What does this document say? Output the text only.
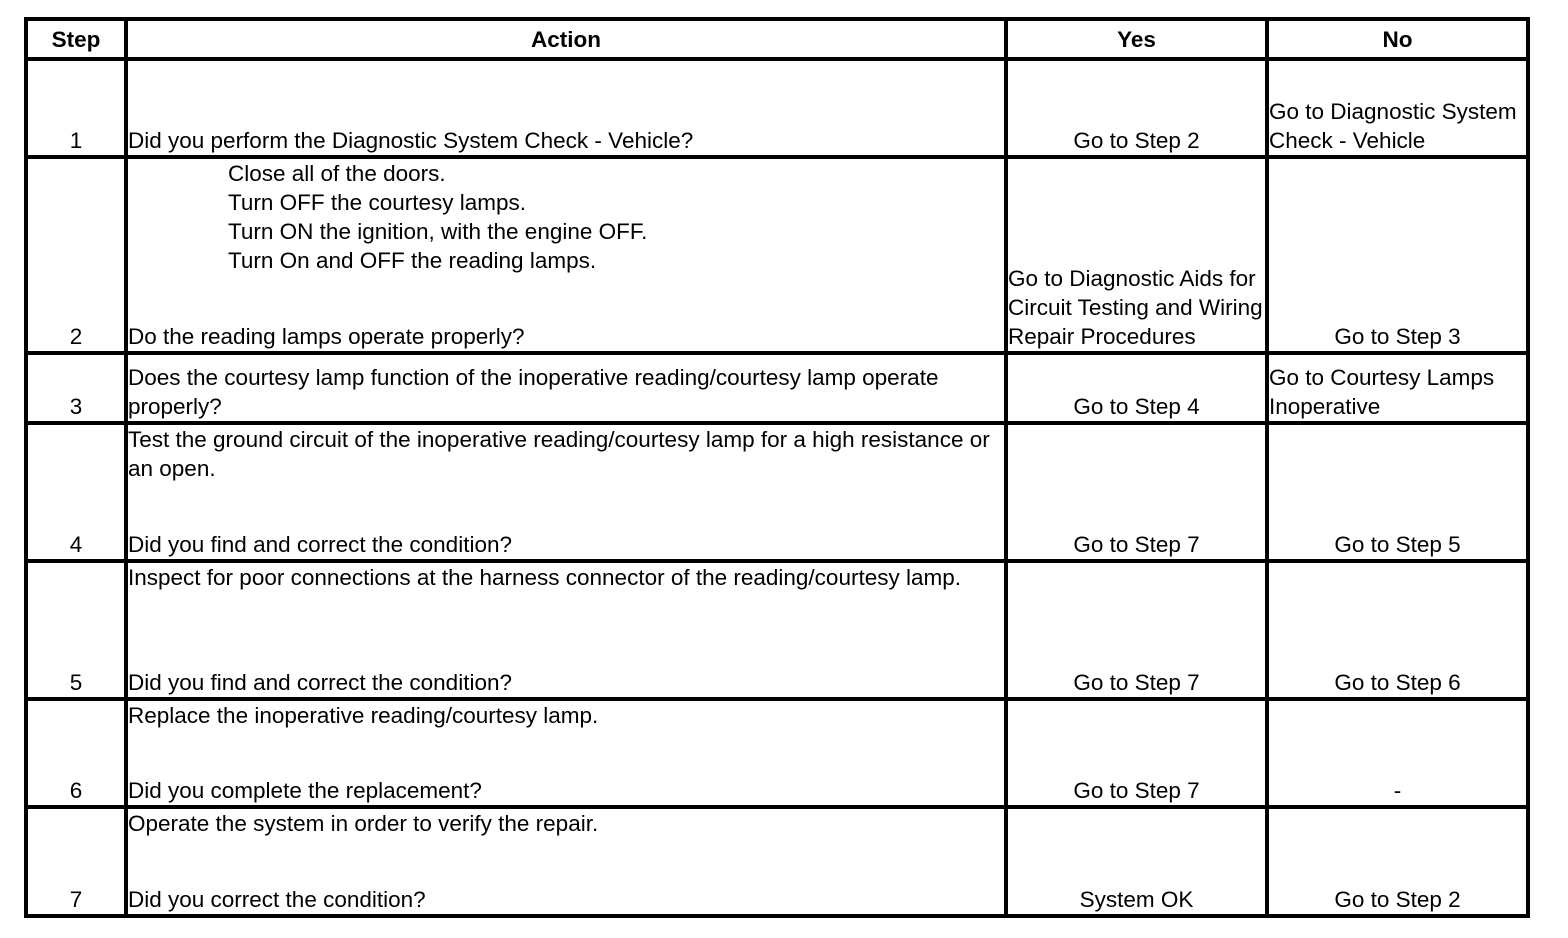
Step	Action	Yes	No
1	Did you perform the Diagnostic System Check - Vehicle?	Go to Step 2	Go to Diagnostic System Check - Vehicle
2	Close all of the doors.
Turn OFF the courtesy lamps.
Turn ON the ignition, with the engine OFF.
Turn On and OFF the reading lamps.
Do the reading lamps operate properly?	Go to Diagnostic Aids for Circuit Testing and Wiring Repair Procedures	Go to Step 3
3	Does the courtesy lamp function of the inoperative reading/courtesy lamp operate properly?	Go to Step 4	Go to Courtesy Lamps Inoperative
4	Test the ground circuit of the inoperative reading/courtesy lamp for a high resistance or an open.
Did you find and correct the condition?	Go to Step 7	Go to Step 5
5	Inspect for poor connections at the harness connector of the reading/courtesy lamp.
Did you find and correct the condition?	Go to Step 7	Go to Step 6
6	Replace the inoperative reading/courtesy lamp.
Did you complete the replacement?	Go to Step 7	-
7	Operate the system in order to verify the repair.
Did you correct the condition?	System OK	Go to Step 2
